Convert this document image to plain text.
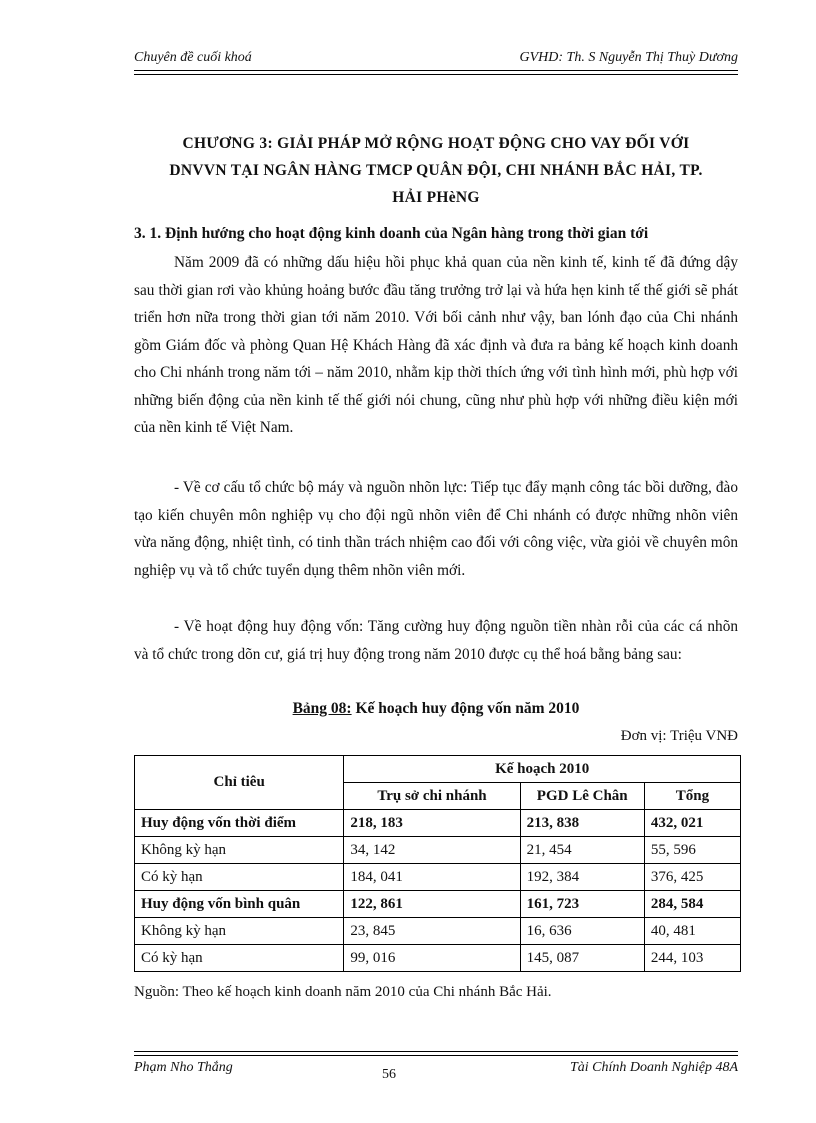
Chuyên đề cuối khoá	GVHD: Th. S Nguyễn Thị Thuỳ Dương
CHƯƠNG 3: GIẢI PHÁP MỞ RỘNG HOẠT ĐỘNG CHO VAY ĐỐI VỚI
DNVVN TẠI NGÂN HÀNG TMCP QUÂN ĐỘI, CHI NHÁNH BẮC HẢI, TP.
HẢI PHèNG
3. 1. Định hướng cho hoạt động kinh doanh của Ngân hàng trong thời gian tới

Năm 2009 đã có những dấu hiệu hồi phục khả quan của nền kinh tế, kinh tế đã đứng dậy sau thời gian rơi vào khủng hoảng bước đầu tăng trưởng trở lại và hứa hẹn kinh tế thế giới sẽ phát triển hơn nữa trong thời gian tới năm 2010. Với bối cảnh như vậy, ban lónh đạo của Chi nhánh gồm Giám đốc và phòng Quan Hệ Khách Hàng đã xác định và đưa ra bảng kế hoạch kinh doanh cho Chi nhánh trong năm tới – năm 2010, nhằm kịp thời thích ứng với tình hình mới, phù hợp với những biến động của nền kinh tế thế giới nói chung, cũng như phù hợp với những điều kiện mới của nền kinh tế Việt Nam.

- Về cơ cấu tổ chức bộ máy và nguồn nhõn lực: Tiếp tục đẩy mạnh công tác bồi dưỡng, đào tạo kiến chuyên môn nghiệp vụ cho đội ngũ nhõn viên để Chi nhánh có được những nhõn viên vừa năng động, nhiệt tình, có tinh thần trách nhiệm cao đối với công việc, vừa giỏi về chuyên môn nghiệp vụ và tổ chức tuyển dụng thêm nhõn viên mới.

- Về hoạt động huy động vốn: Tăng cường huy động nguồn tiền nhàn rỗi của các cá nhõn và tổ chức trong dõn cư, giá trị huy động trong năm 2010 được cụ thể hoá bằng bảng sau:

Bảng 08: Kế hoạch huy động vốn năm 2010
Đơn vị: Triệu VNĐ
Chỉ tiêu	Kế hoạch 2010		
	Trụ sở chi nhánh	PGD Lê Chân	Tổng
Huy động vốn thời điểm	218, 183	213, 838	432, 021
Không kỳ hạn	34, 142	21, 454	55, 596
Có kỳ hạn	184, 041	192, 384	376, 425
Huy động vốn bình quân	122, 861	161, 723	284, 584
Không kỳ hạn	23, 845	16, 636	40, 481
Có kỳ hạn	99, 016	145, 087	244, 103
Nguồn: Theo kế hoạch kinh doanh năm 2010 của Chi nhánh Bắc Hải.
Phạm Nho Thắng	56	Tài Chính Doanh Nghiệp 48A
